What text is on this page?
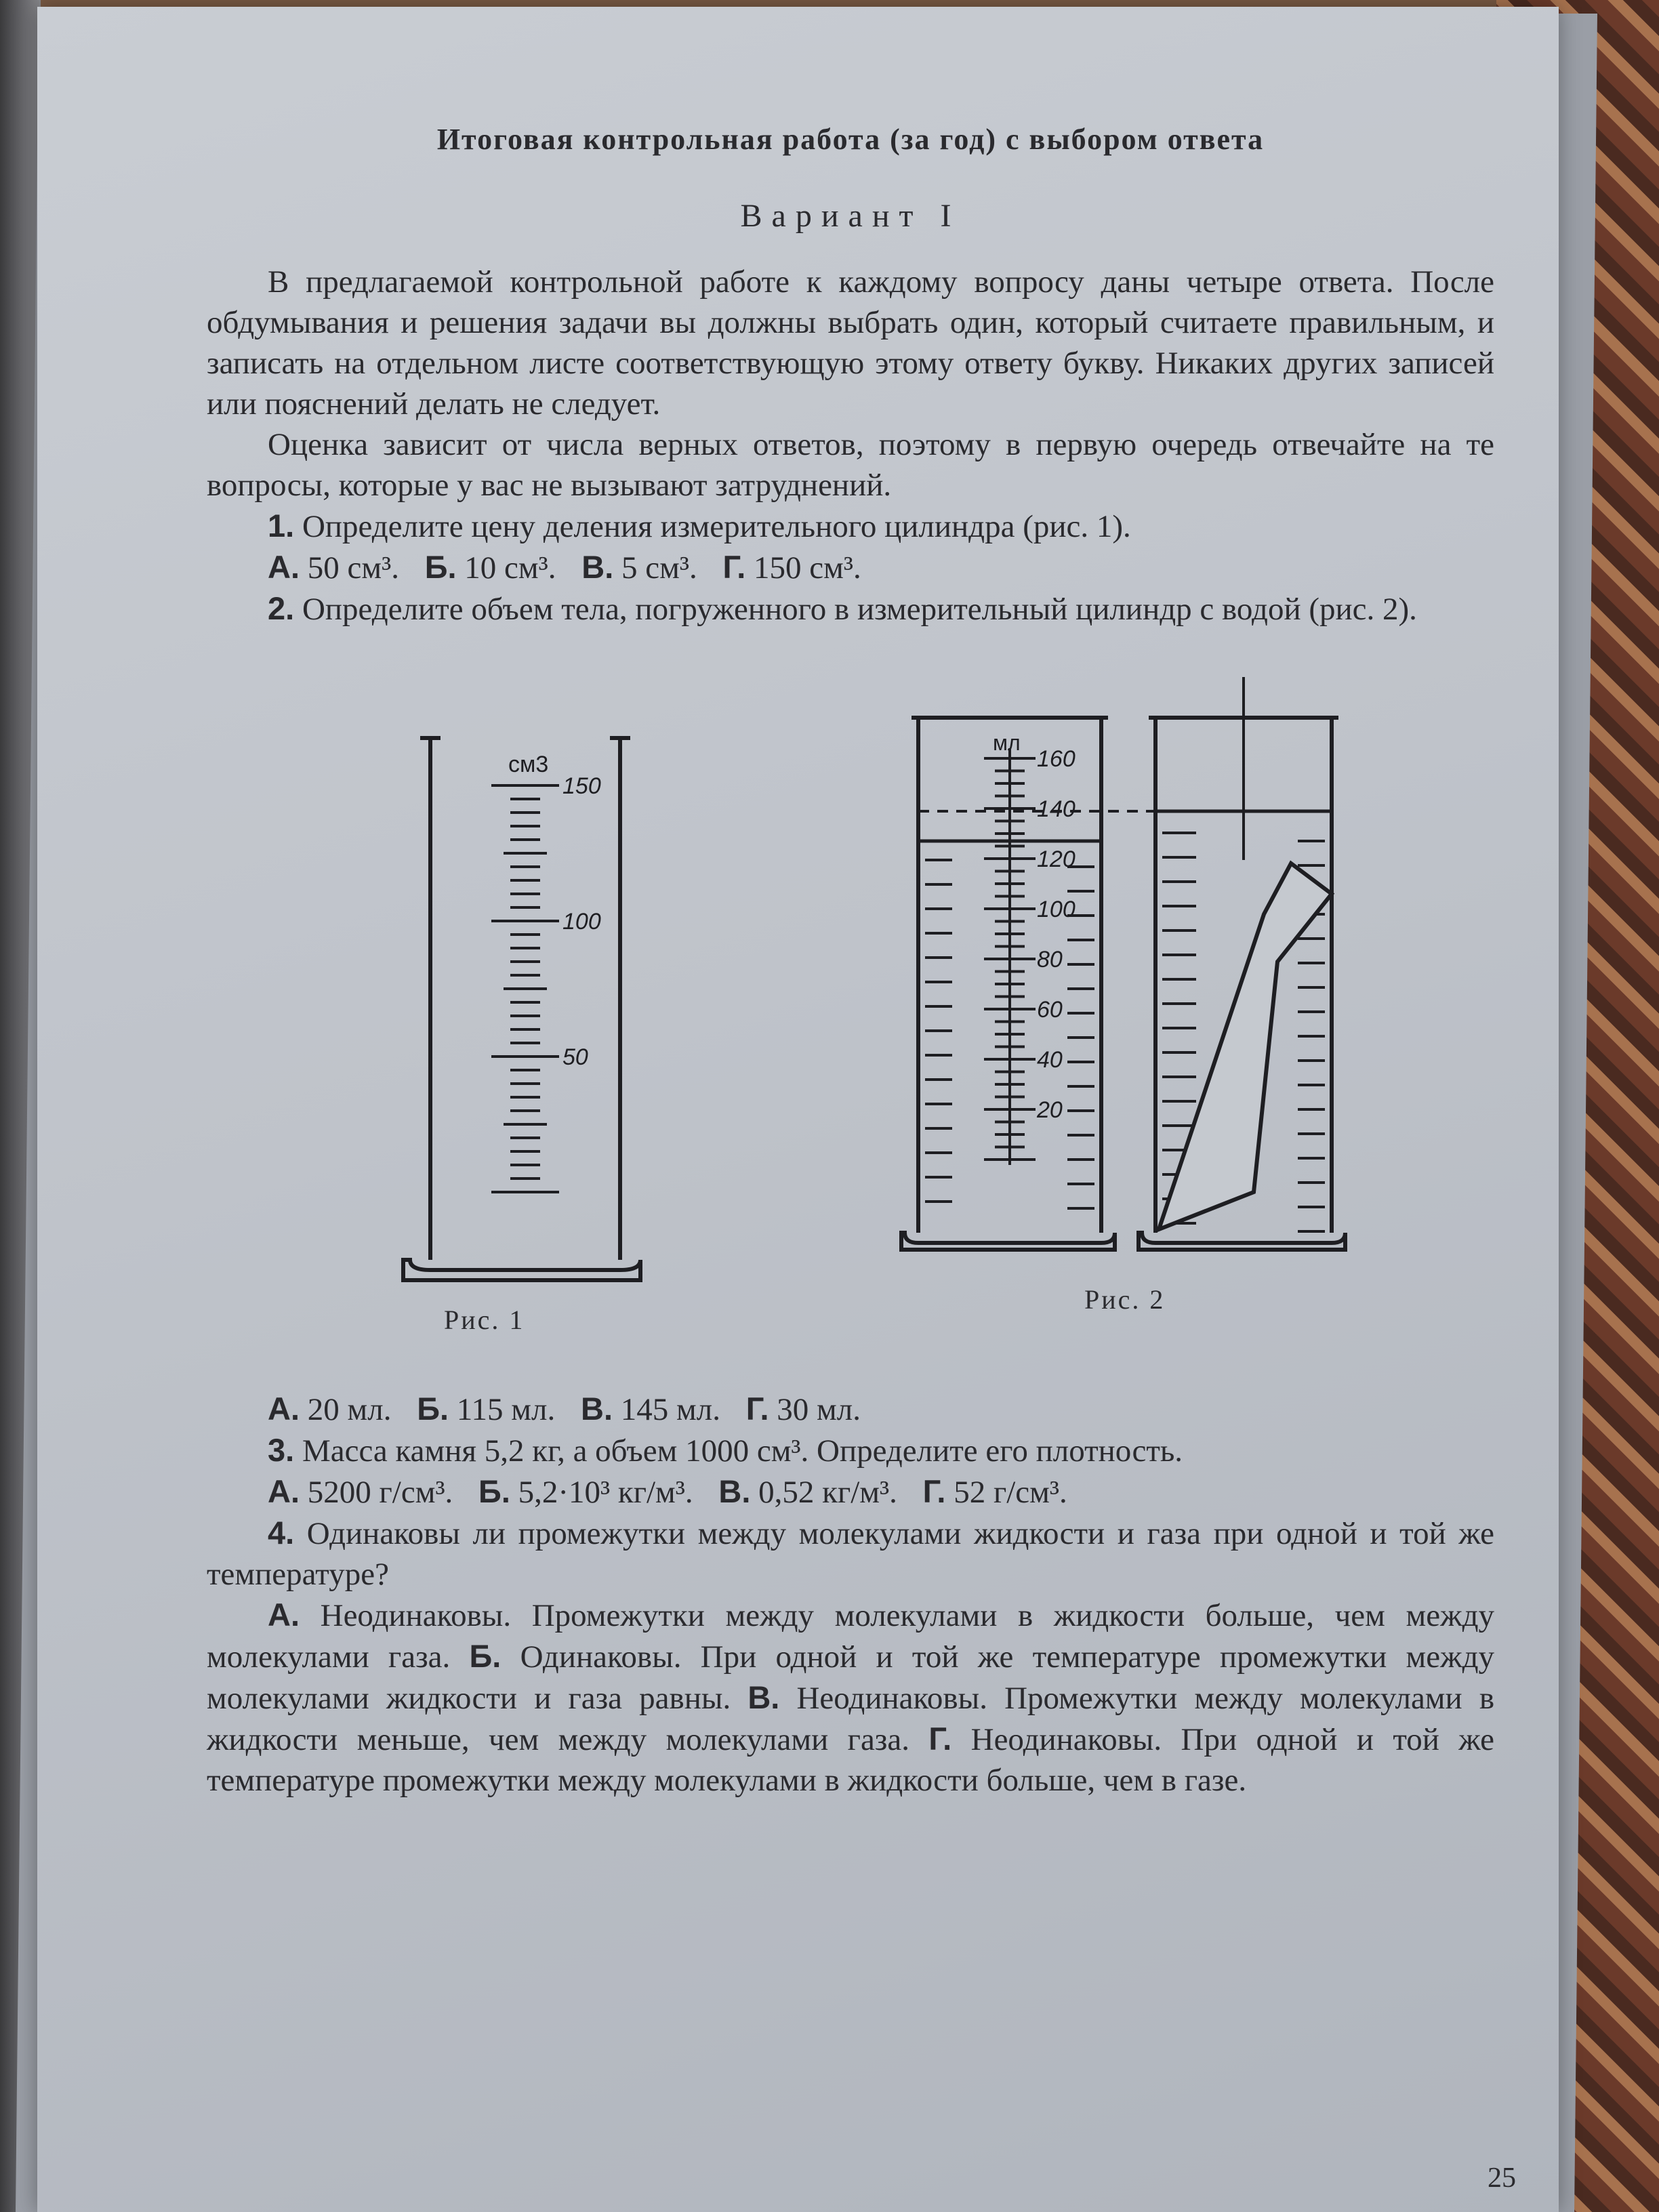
Итоговая контрольная работа (за год) с выбором ответа

Вариант I

В предлагаемой контрольной работе к каждому вопросу даны четыре ответа. После обдумывания и решения задачи вы должны выбрать один, который считаете правильным, и записать на отдельном листе соответствующую этому ответу букву. Никаких других записей или пояснений делать не следует.

Оценка зависит от числа верных ответов, поэтому в первую очередь отвечайте на те вопросы, которые у вас не вызывают затруднений.

1. Определите цену деления измерительного цилиндра (рис. 1).

А. 50 см³. Б. 10 см³. В. 5 см³. Г. 150 см³.

2. Определите объем тела, погруженного в измерительный цилиндр с водой (рис. 2).

см3
150
100
50
мл
160
140
120
100
80
60
40
20
Рис. 1
Рис. 2

А. 20 мл. Б. 115 мл. В. 145 мл. Г. 30 мл.

3. Масса камня 5,2 кг, а объем 1000 см³. Определите его плотность.

А. 5200 г/см³. Б. 5,2·10³ кг/м³. В. 0,52 кг/м³. Г. 52 г/см³.

4. Одинаковы ли промежутки между молекулами жидкости и газа при одной и той же температуре?

А. Неодинаковы. Промежутки между молекулами в жидкости больше, чем между молекулами газа. Б. Одинаковы. При одной и той же температуре промежутки между молекулами жидкости и газа равны. В. Неодинаковы. Промежутки между молекулами в жидкости меньше, чем между молекулами газа. Г. Неодинаковы. При одной и той же температуре промежутки между молекулами в жидкости больше, чем в газе.

25
